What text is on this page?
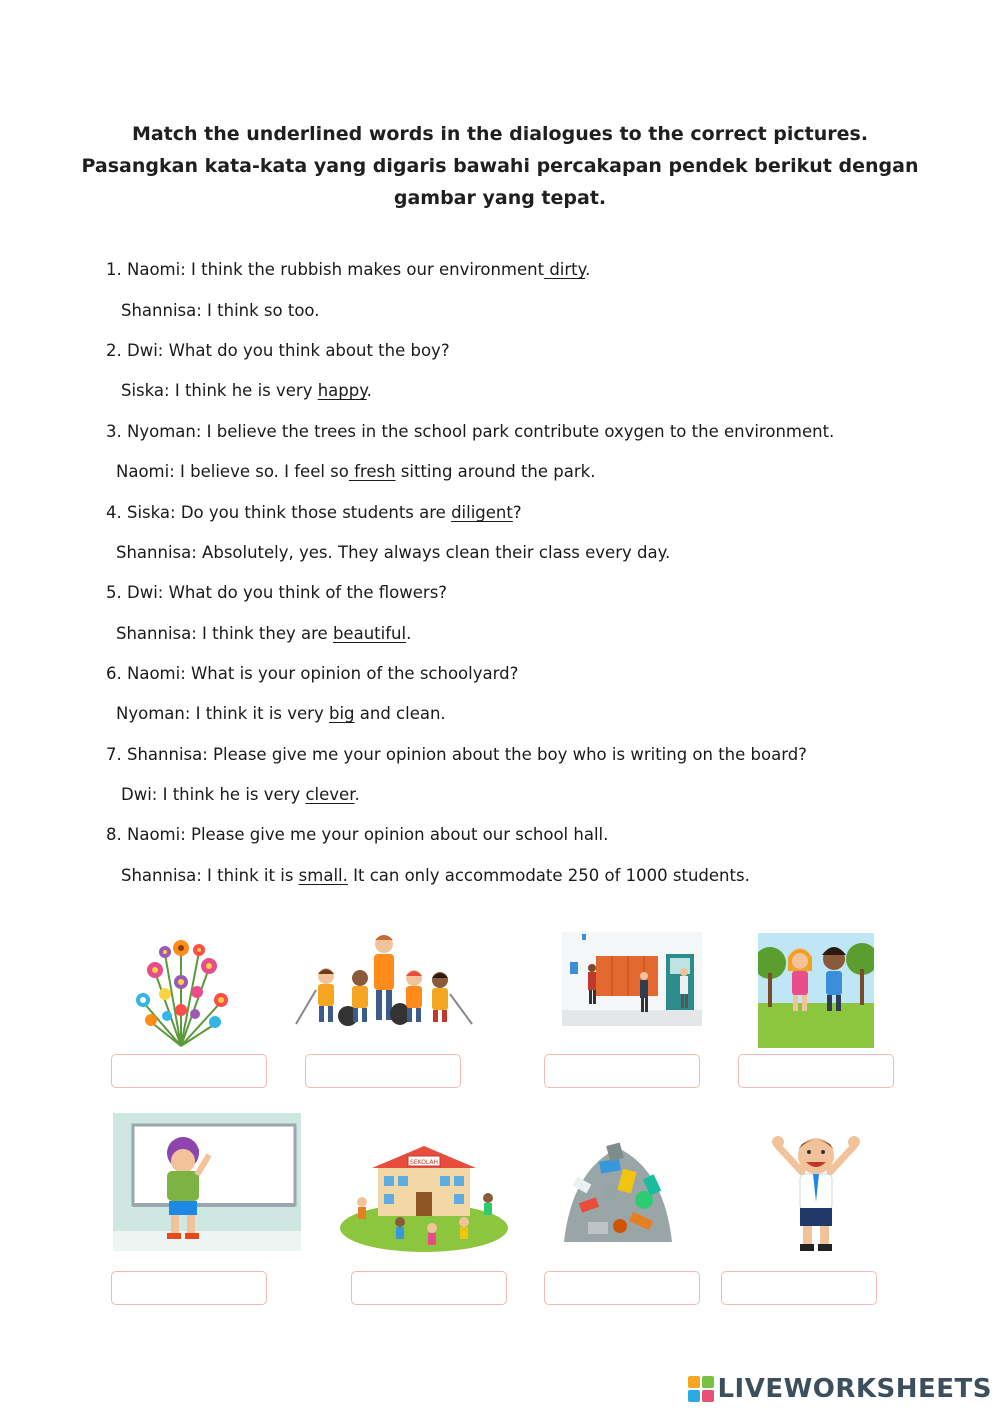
Match the underlined words in the dialogues to the correct pictures.
Pasangkan kata-kata yang digaris bawahi percakapan pendek berikut dengan
gambar yang tepat.
1. Naomi: I think the rubbish makes our environment dirty.
Shannisa: I think so too.
2. Dwi: What do you think about the boy?
Siska: I think he is very happy.
3. Nyoman: I believe the trees in the school park contribute oxygen to the environment.
Naomi: I believe so. I feel so fresh sitting around the park.
4. Siska: Do you think those students are diligent?
Shannisa: Absolutely, yes. They always clean their class every day.
5. Dwi: What do you think of the flowers?
Shannisa: I think they are beautiful.
6. Naomi: What is your opinion of the schoolyard?
Nyoman: I think it is very big and clean.
7. Shannisa: Please give me your opinion about the boy who is writing on the board?
Dwi: I think he is very clever.
8. Naomi: Please give me your opinion about our school hall.
Shannisa: I think it is small. It can only accommodate 250 of 1000 students.
SEKOLAH
LIVEWORKSHEETS
